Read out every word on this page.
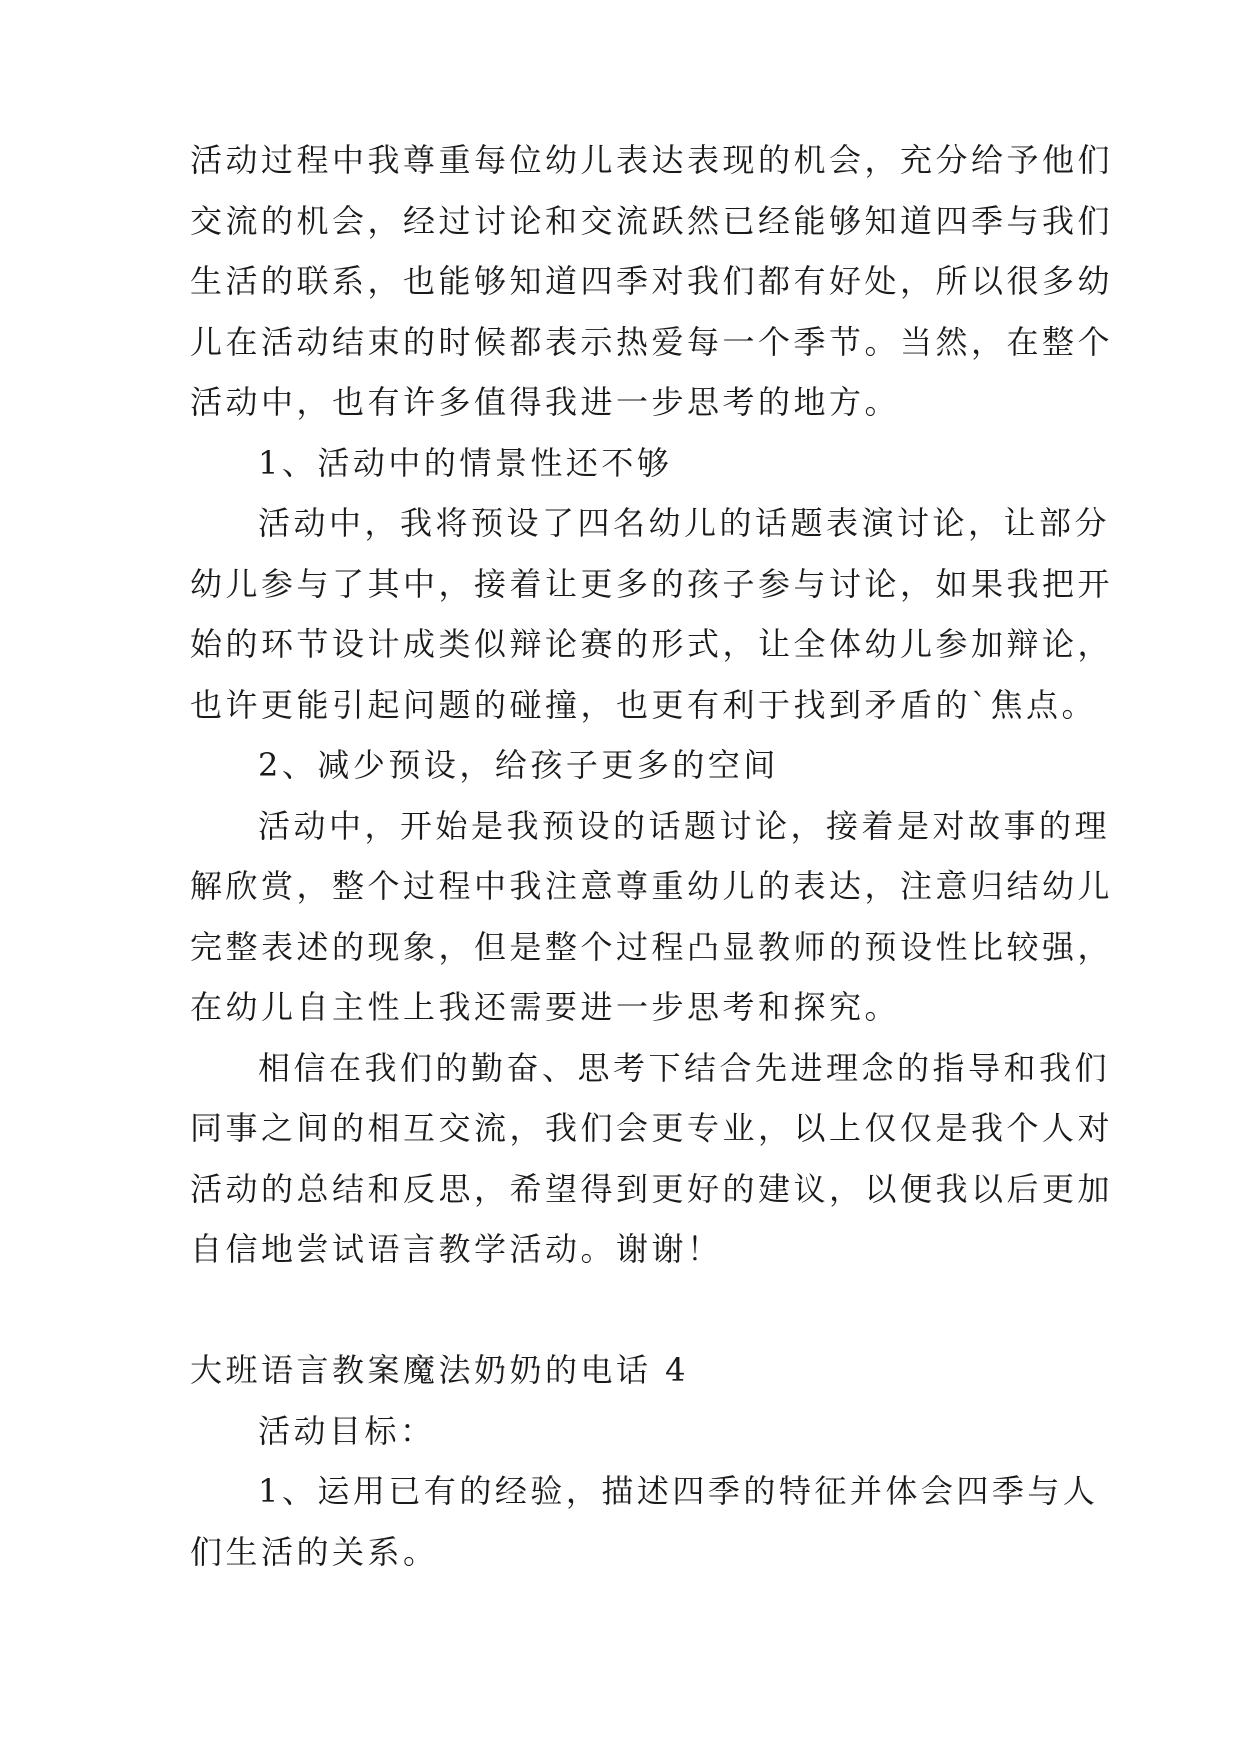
活动过程中我尊重每位幼儿表达表现的机会，充分给予他们
交流的机会，经过讨论和交流跃然已经能够知道四季与我们
生活的联系，也能够知道四季对我们都有好处，所以很多幼
儿在活动结束的时候都表示热爱每一个季节。当然，在整个
活动中，也有许多值得我进一步思考的地方。
1、活动中的情景性还不够
活动中，我将预设了四名幼儿的话题表演讨论，让部分
幼儿参与了其中，接着让更多的孩子参与讨论，如果我把开
始的环节设计成类似辩论赛的形式，让全体幼儿参加辩论，
也许更能引起问题的碰撞，也更有利于找到矛盾的`焦点。
2、减少预设，给孩子更多的空间
活动中，开始是我预设的话题讨论，接着是对故事的理
解欣赏，整个过程中我注意尊重幼儿的表达，注意归结幼儿
完整表述的现象，但是整个过程凸显教师的预设性比较强，
在幼儿自主性上我还需要进一步思考和探究。
相信在我们的勤奋、思考下结合先进理念的指导和我们
同事之间的相互交流，我们会更专业，以上仅仅是我个人对
活动的总结和反思，希望得到更好的建议，以便我以后更加
自信地尝试语言教学活动。谢谢！
大班语言教案魔法奶奶的电话 4
活动目标：
1、运用已有的经验，描述四季的特征并体会四季与人
们生活的关系。
